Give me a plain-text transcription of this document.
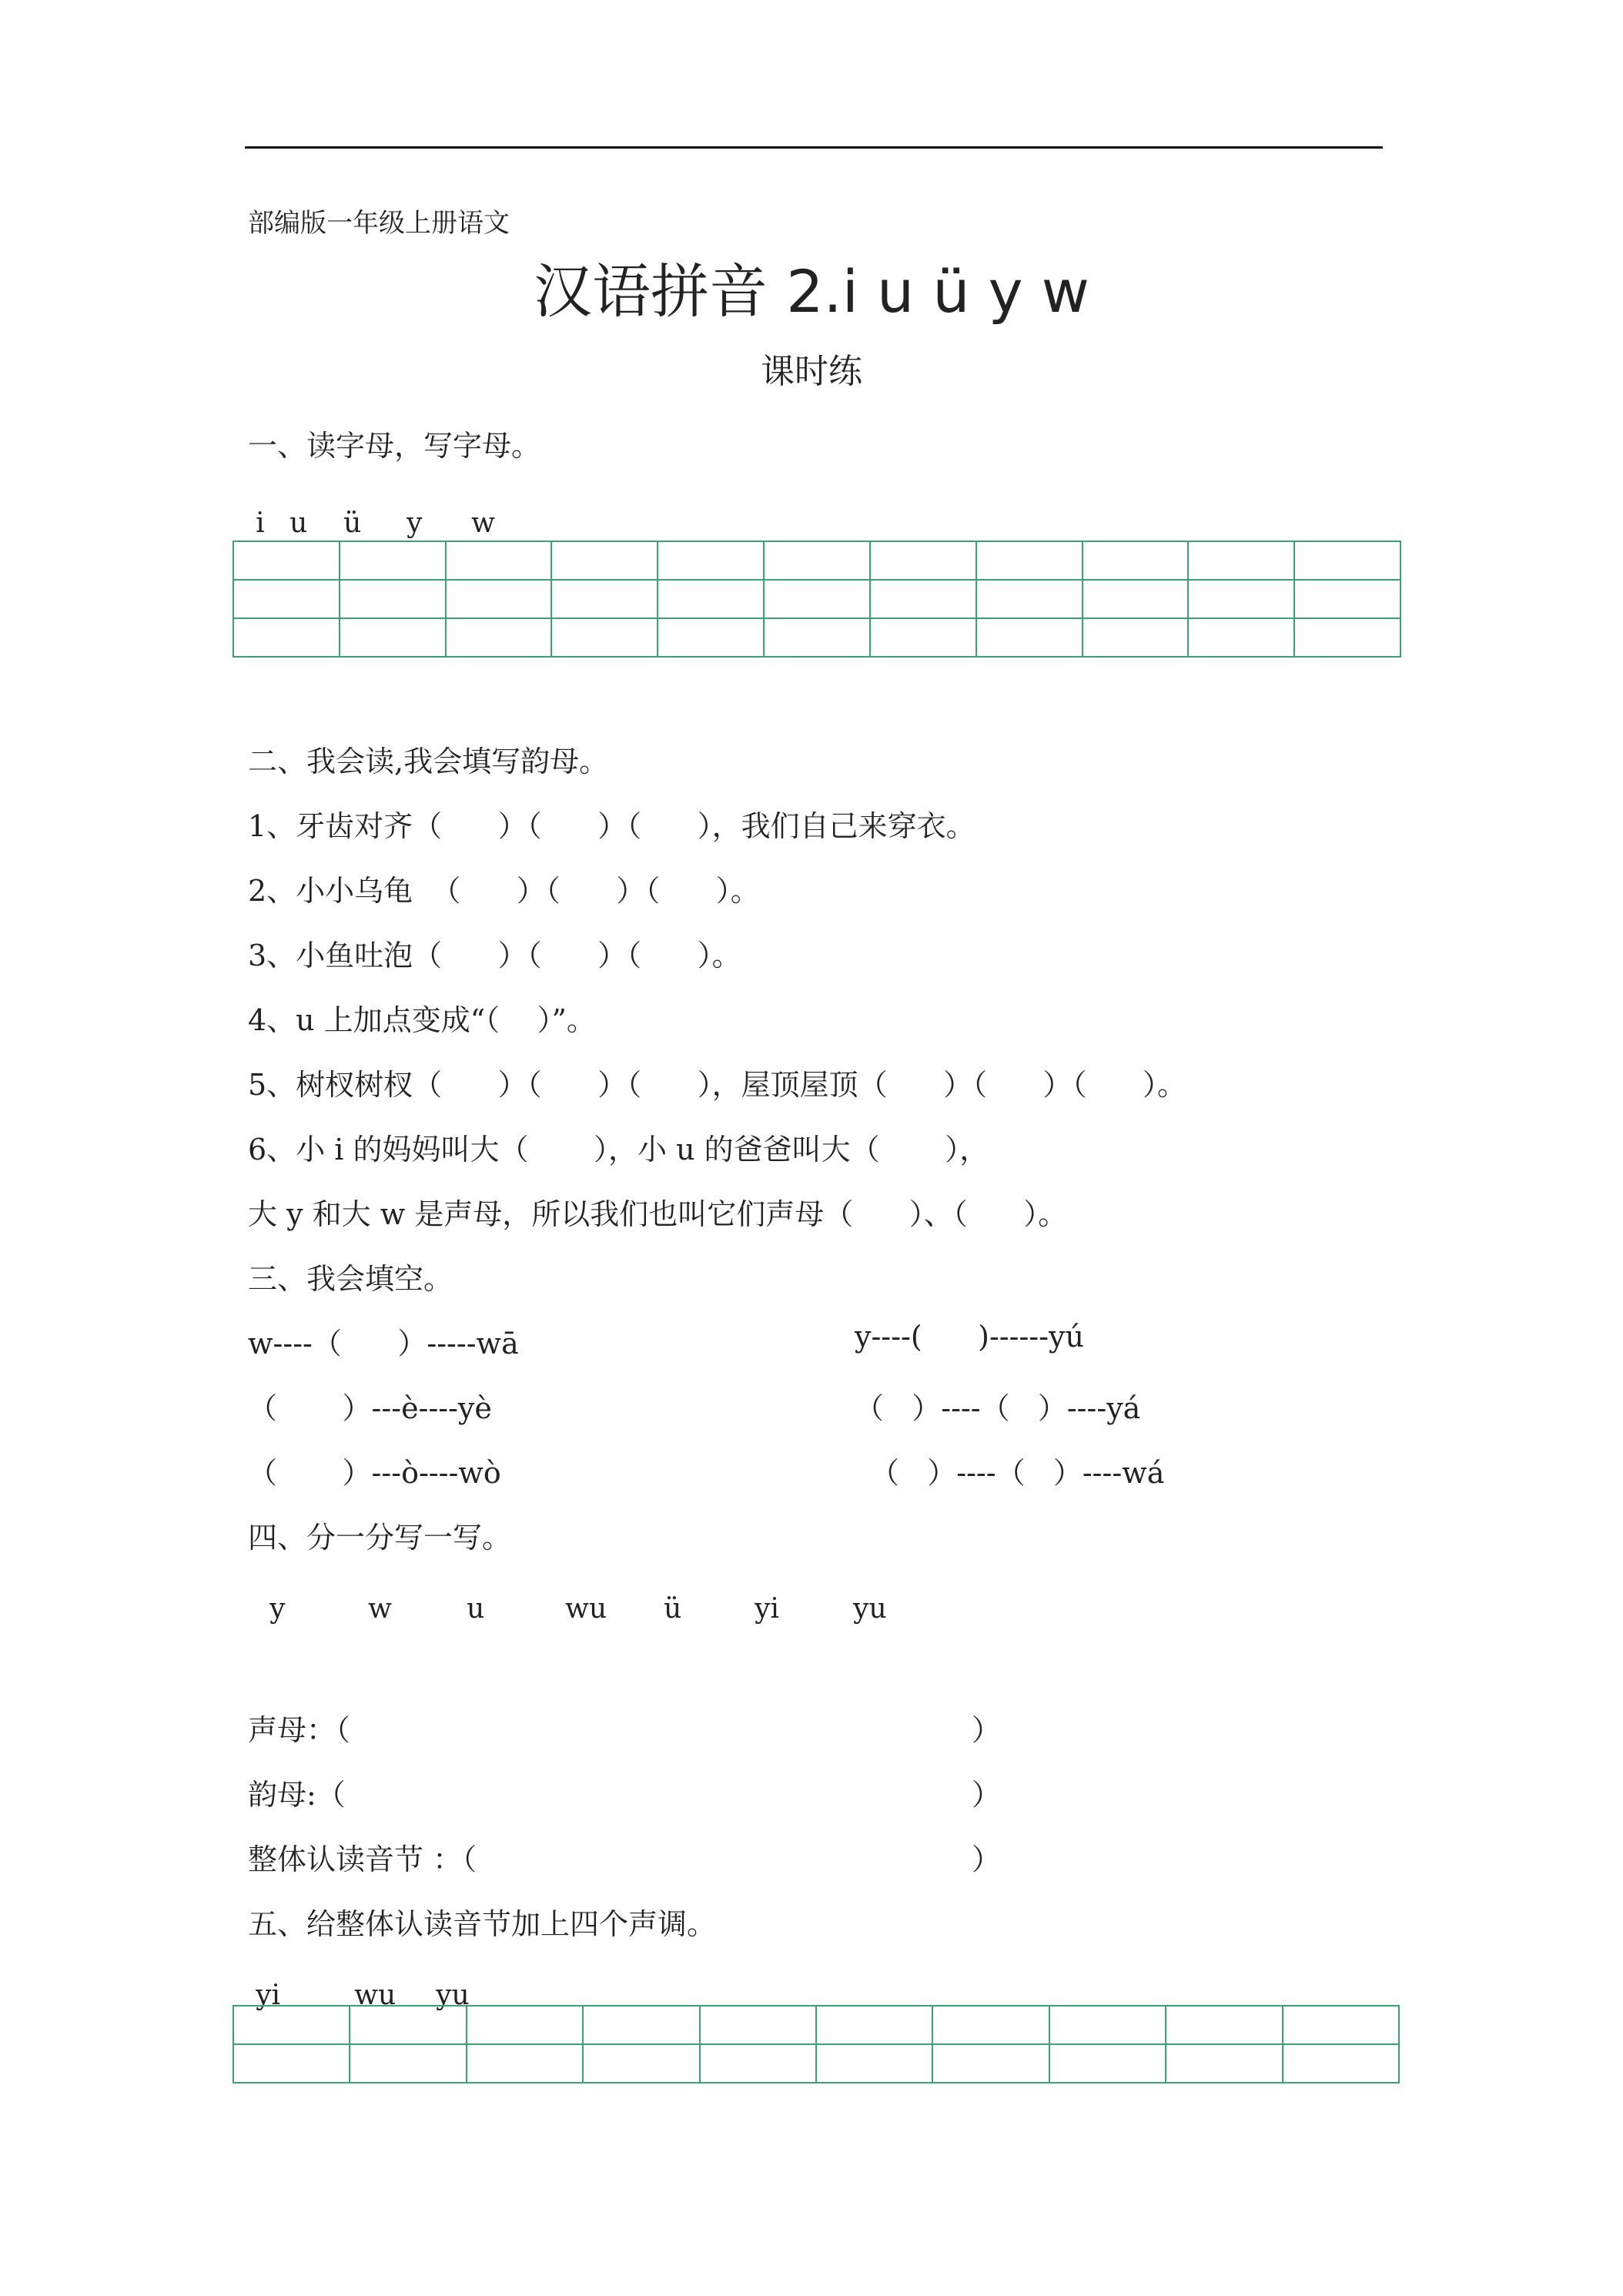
部编版一年级上册语文
汉语拼音 2.i u ü y w
课时练
一、读字母，写字母。

i u ü y w

二、我会读,我会填写韵母。
1、牙齿对齐（      ）（      ）（      ），我们自己来穿衣。
2、小小乌龟  （      ）（      ）（      ）。
3、小鱼吐泡（      ）（      ）（      ）。
4、u 上加点变成“（    ）”。
5、树杈树杈（      ）（      ）（      ），屋顶屋顶（      ）（      ）（      ）。
6、小 i 的妈妈叫大（       ），小 u 的爸爸叫大（       ），
大 y 和大 w 是声母，所以我们也叫它们声母（      ）、（      ）。
三、我会填空。
w----（      ）-----wā
（       ）---è----yè
（       ）---ò----wò
y----(      )------yú
（   ）----（   ）----yá
（   ）----（   ）----wá
四、分一分写一写。

y	w	u	wu ü	yi	yu

声母：（	）
韵母:（	）
整体认读音节 ：（	）
五、给整体认读音节加上四个声调。

yi	wu yu
